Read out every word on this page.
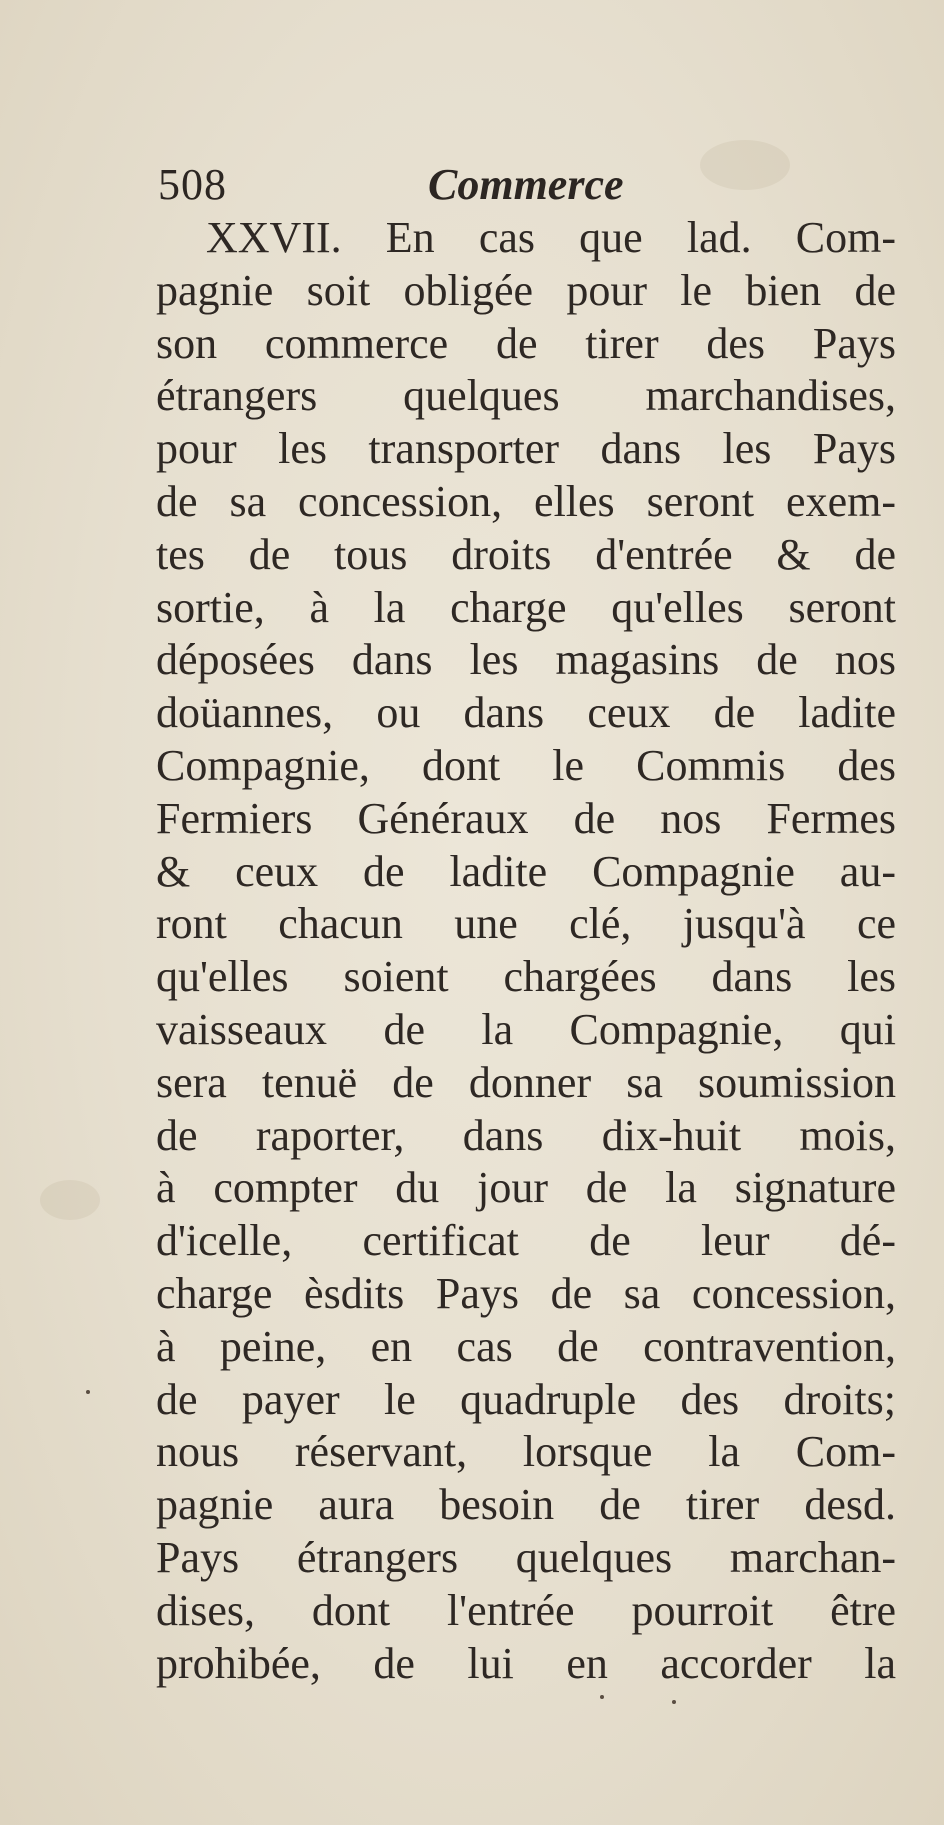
508	Commerce
XXVII. En cas que lad. Com-
pagnie soit obligée pour le bien de
son commerce de tirer des Pays
étrangers quelques marchandises,
pour les transporter dans les Pays
de sa concession, elles seront exem-
tes de tous droits d'entrée & de
sortie, à la charge qu'elles seront
déposées dans les magasins de nos
doüannes, ou dans ceux de ladite
Compagnie, dont le Commis des
Fermiers Généraux de nos Fermes
& ceux de ladite Compagnie au-
ront chacun une clé, jusqu'à ce
qu'elles soient chargées dans les
vaisseaux de la Compagnie, qui
sera tenuë de donner sa soumission
de raporter, dans dix-huit mois,
à compter du jour de la signature
d'icelle, certificat de leur dé-
charge èsdits Pays de sa concession,
à peine, en cas de contravention,
de payer le quadruple des droits;
nous réservant, lorsque la Com-
pagnie aura besoin de tirer desd.
Pays étrangers quelques marchan-
dises, dont l'entrée pourroit être
prohibée, de lui en accorder la
